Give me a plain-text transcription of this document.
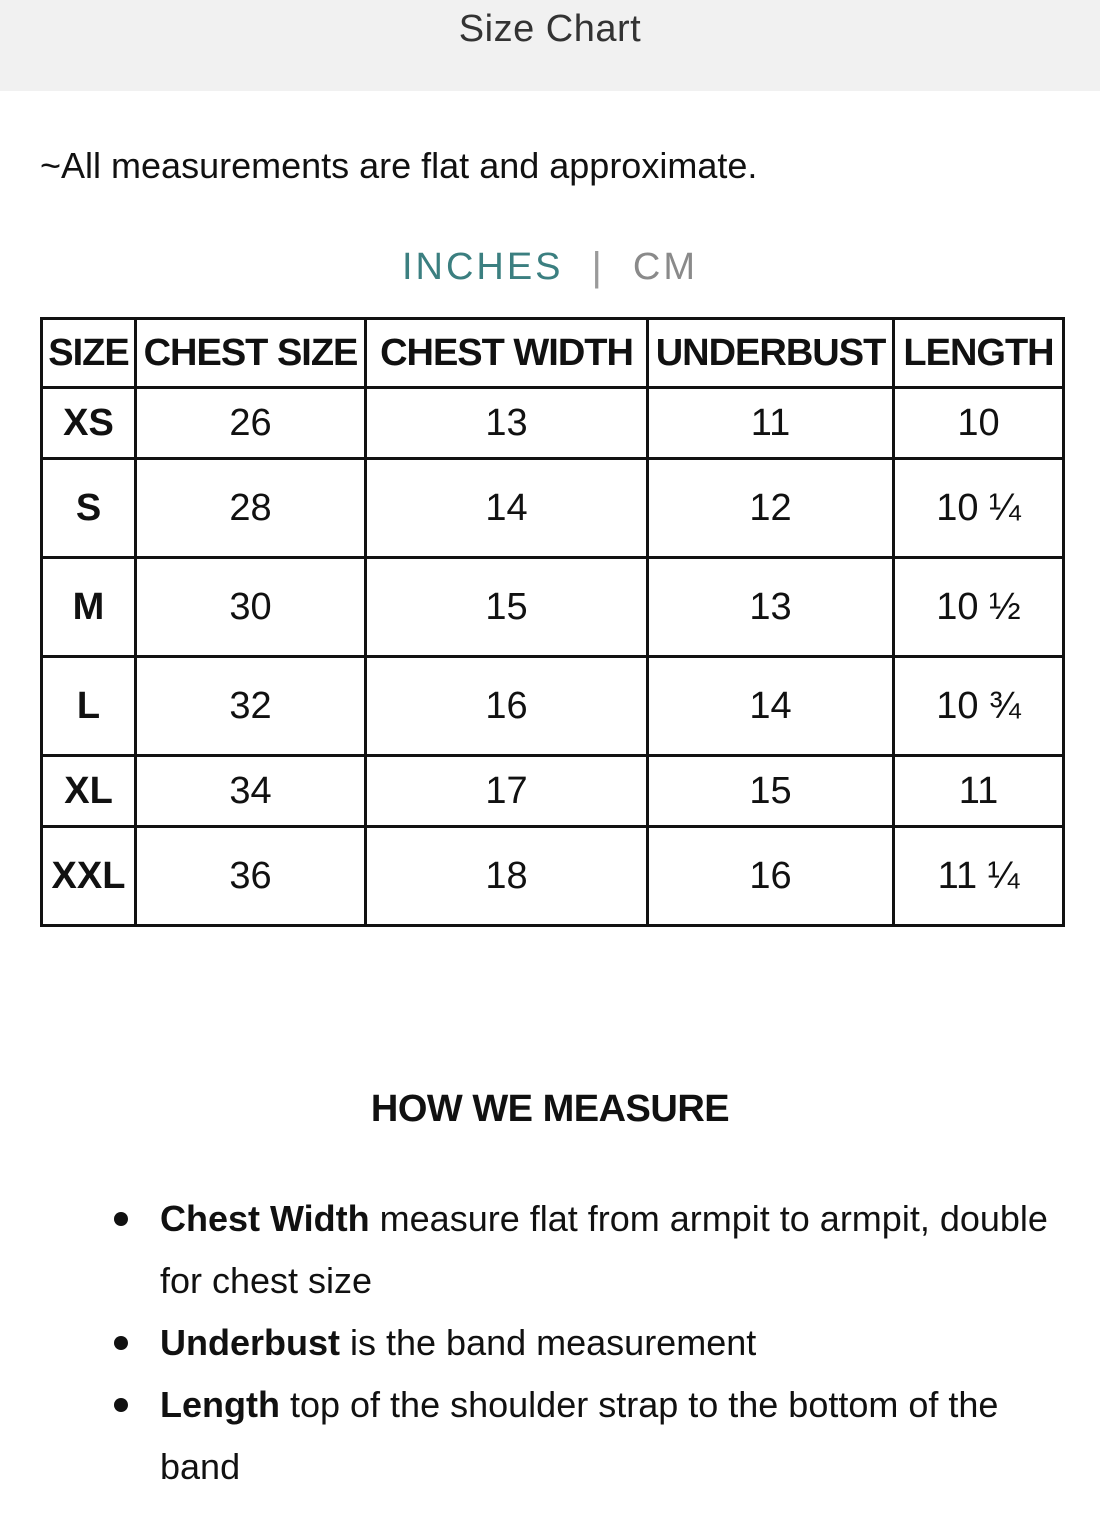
Size Chart
~All measurements are flat and approximate.
INCHES | CM
SIZE	CHEST SIZE	CHEST WIDTH	UNDERBUST	LENGTH
XS	26	13	11	10
S	28	14	12	10 ¼
M	30	15	13	10 ½
L	32	16	14	10 ¾
XL	34	17	15	11
XXL	36	18	16	11 ¼
HOW WE MEASURE
Chest Width measure flat from armpit to armpit, double for chest size
Underbust is the band measurement
Length top of the shoulder strap to the bottom of the band
